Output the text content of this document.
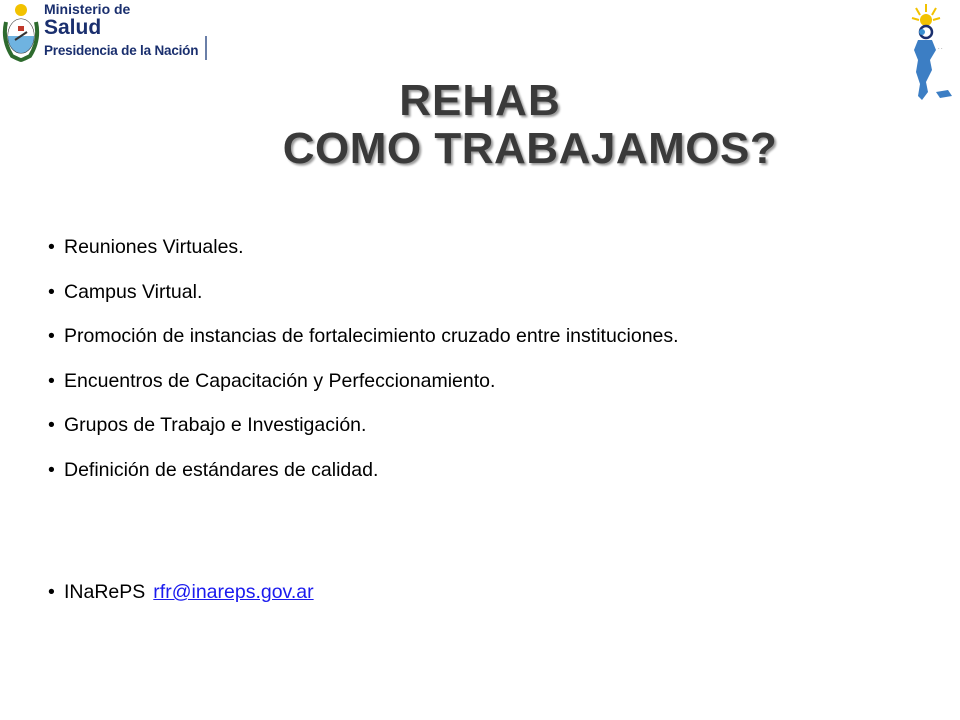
Ministerio de
Salud
Presidencia de la Nación	· ·
REHAB
COMO TRABAJAMOS?
• Reuniones Virtuales.
• Campus Virtual.
• Promoción de instancias de fortalecimiento cruzado entre instituciones.
• Encuentros de Capacitación y Perfeccionamiento.
• Grupos de Trabajo e Investigación.
• Definición de estándares de calidad.
• INaRePS rfr@inareps.gov.ar
